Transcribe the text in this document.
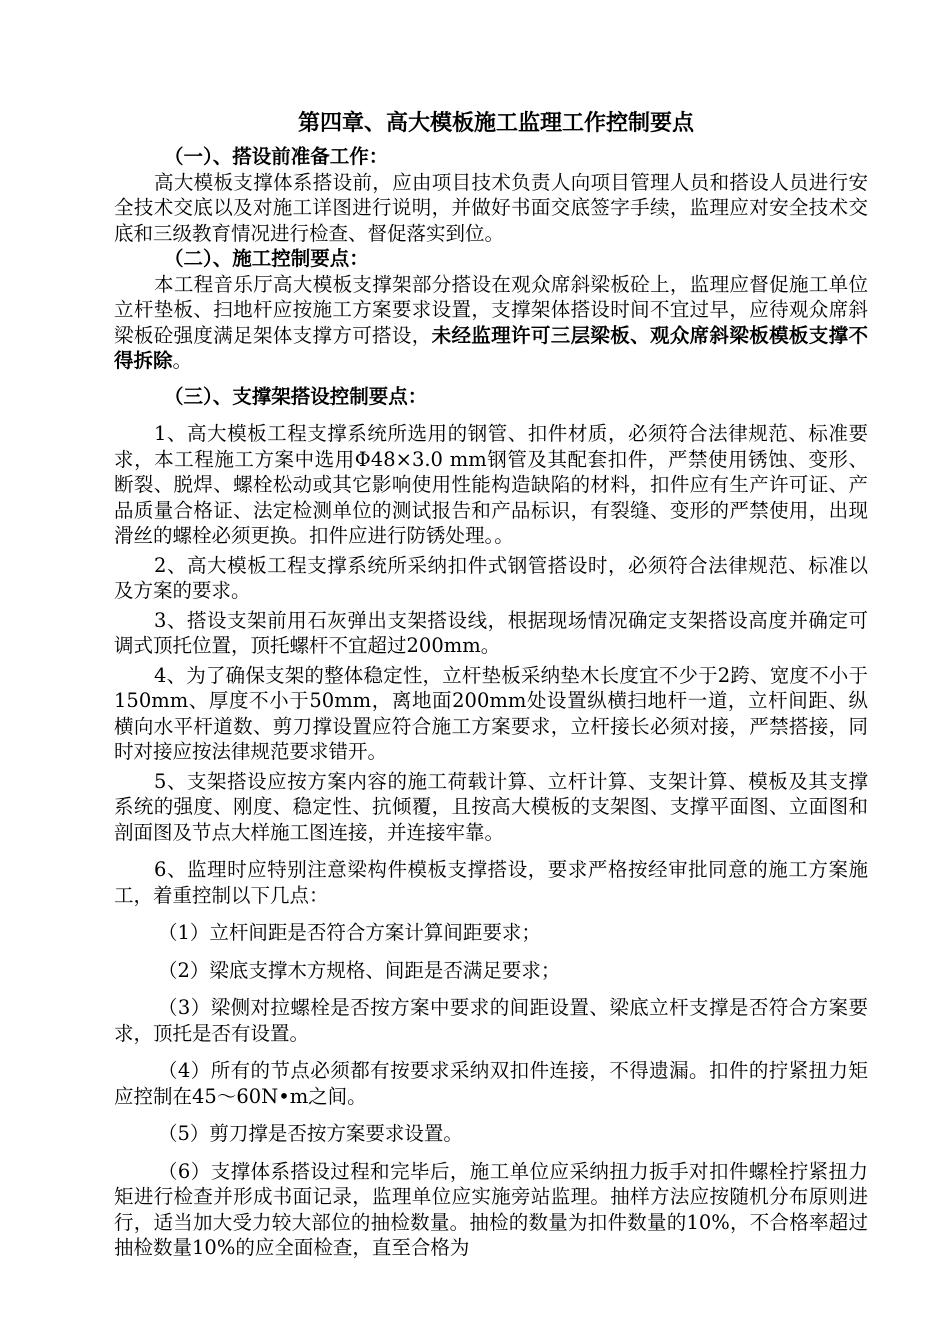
第四章、高大模板施工监理工作控制要点

（一）、搭设前准备工作：

高大模板支撑体系搭设前，应由项目技术负责人向项目管理人员和搭设人员进行安全技术交底以及对施工详图进行说明，并做好书面交底签字手续，监理应对安全技术交底和三级教育情况进行检查、督促落实到位。

（二）、施工控制要点：

本工程音乐厅高大模板支撑架部分搭设在观众席斜梁板砼上，监理应督促施工单位立杆垫板、扫地杆应按施工方案要求设置，支撑架体搭设时间不宜过早，应待观众席斜梁板砼强度满足架体支撑方可搭设，未经监理许可三层梁板、观众席斜梁板模板支撑不得拆除。

（三）、支撑架搭设控制要点：

1、高大模板工程支撑系统所选用的钢管、扣件材质，必须符合法律规范、标准要求，本工程施工方案中选用Φ48×3.0 mm钢管及其配套扣件，严禁使用锈蚀、变形、断裂、脱焊、螺栓松动或其它影响使用性能构造缺陷的材料，扣件应有生产许可证、产品质量合格证、法定检测单位的测试报告和产品标识，有裂缝、变形的严禁使用，出现滑丝的螺栓必须更换。扣件应进行防锈处理。。

2、高大模板工程支撑系统所采纳扣件式钢管搭设时，必须符合法律规范、标准以及方案的要求。

3、搭设支架前用石灰弹出支架搭设线，根据现场情况确定支架搭设高度并确定可调式顶托位置，顶托螺杆不宜超过200mm。

4、为了确保支架的整体稳定性，立杆垫板采纳垫木长度宜不少于2跨、宽度不小于150mm、厚度不小于50mm，离地面200mm处设置纵横扫地杆一道，立杆间距、纵横向水平杆道数、剪刀撑设置应符合施工方案要求，立杆接长必须对接，严禁搭接，同时对接应按法律规范要求错开。

5、支架搭设应按方案内容的施工荷载计算、立杆计算、支架计算、模板及其支撑系统的强度、刚度、稳定性、抗倾覆，且按高大模板的支架图、支撑平面图、立面图和剖面图及节点大样施工图连接，并连接牢靠。

6、监理时应特别注意梁构件模板支撑搭设，要求严格按经审批同意的施工方案施工，着重控制以下几点：

（1）立杆间距是否符合方案计算间距要求；

（2）梁底支撑木方规格、间距是否满足要求；

（3）梁侧对拉螺栓是否按方案中要求的间距设置、梁底立杆支撑是否符合方案要求，顶托是否有设置。

（4）所有的节点必须都有按要求采纳双扣件连接，不得遗漏。扣件的拧紧扭力矩应控制在45～60N•m之间。

（5）剪刀撑是否按方案要求设置。

（6）支撑体系搭设过程和完毕后，施工单位应采纳扭力扳手对扣件螺栓拧紧扭力矩进行检查并形成书面记录，监理单位应实施旁站监理。抽样方法应按随机分布原则进行，适当加大受力较大部位的抽检数量。抽检的数量为扣件数量的10%，不合格率超过抽检数量10%的应全面检查，直至合格为
